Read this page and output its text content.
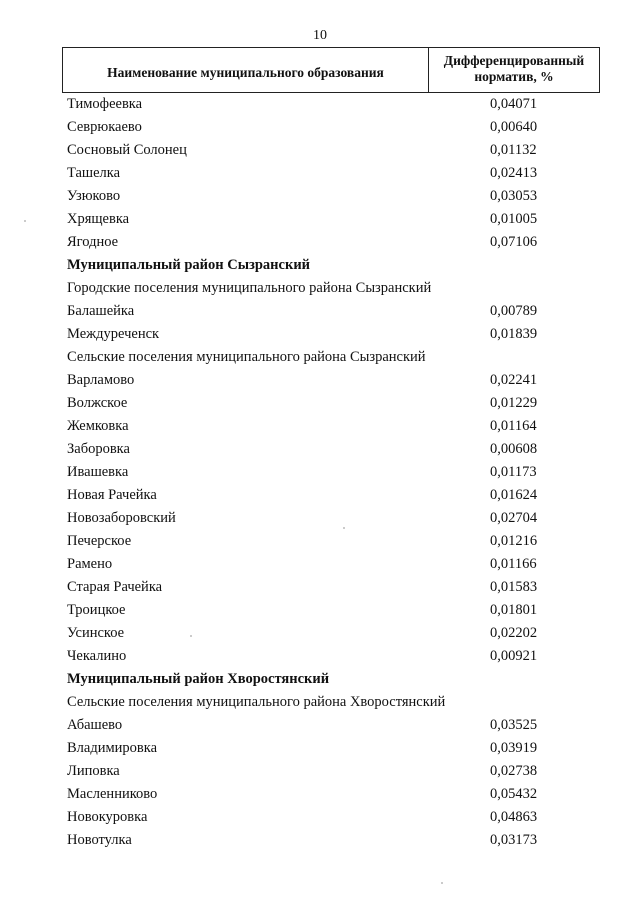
10
Наименование муниципального образования
Дифференцированный
норматив, %
Тимофеевка	0,04071
Севрюкаево	0,00640
Сосновый Солонец	0,01132
Ташелка	0,02413
Узюково	0,03053
Хрящевка	0,01005
Ягодное	0,07106
Муниципальный район Сызранский
Городские поселения муниципального района Сызранский
Балашейка	0,00789
Междуреченск	0,01839
Сельские поселения муниципального района Сызранский
Варламово	0,02241
Волжское	0,01229
Жемковка	0,01164
Заборовка	0,00608
Ивашевка	0,01173
Новая Рачейка	0,01624
Новозаборовский	0,02704
Печерское	0,01216
Рамено	0,01166
Старая Рачейка	0,01583
Троицкое	0,01801
Усинское	0,02202
Чекалино	0,00921
Муниципальный район Хворостянский
Сельские поселения муниципального района Хворостянский
Абашево	0,03525
Владимировка	0,03919
Липовка	0,02738
Масленниково	0,05432
Новокуровка	0,04863
Новотулка	0,03173
